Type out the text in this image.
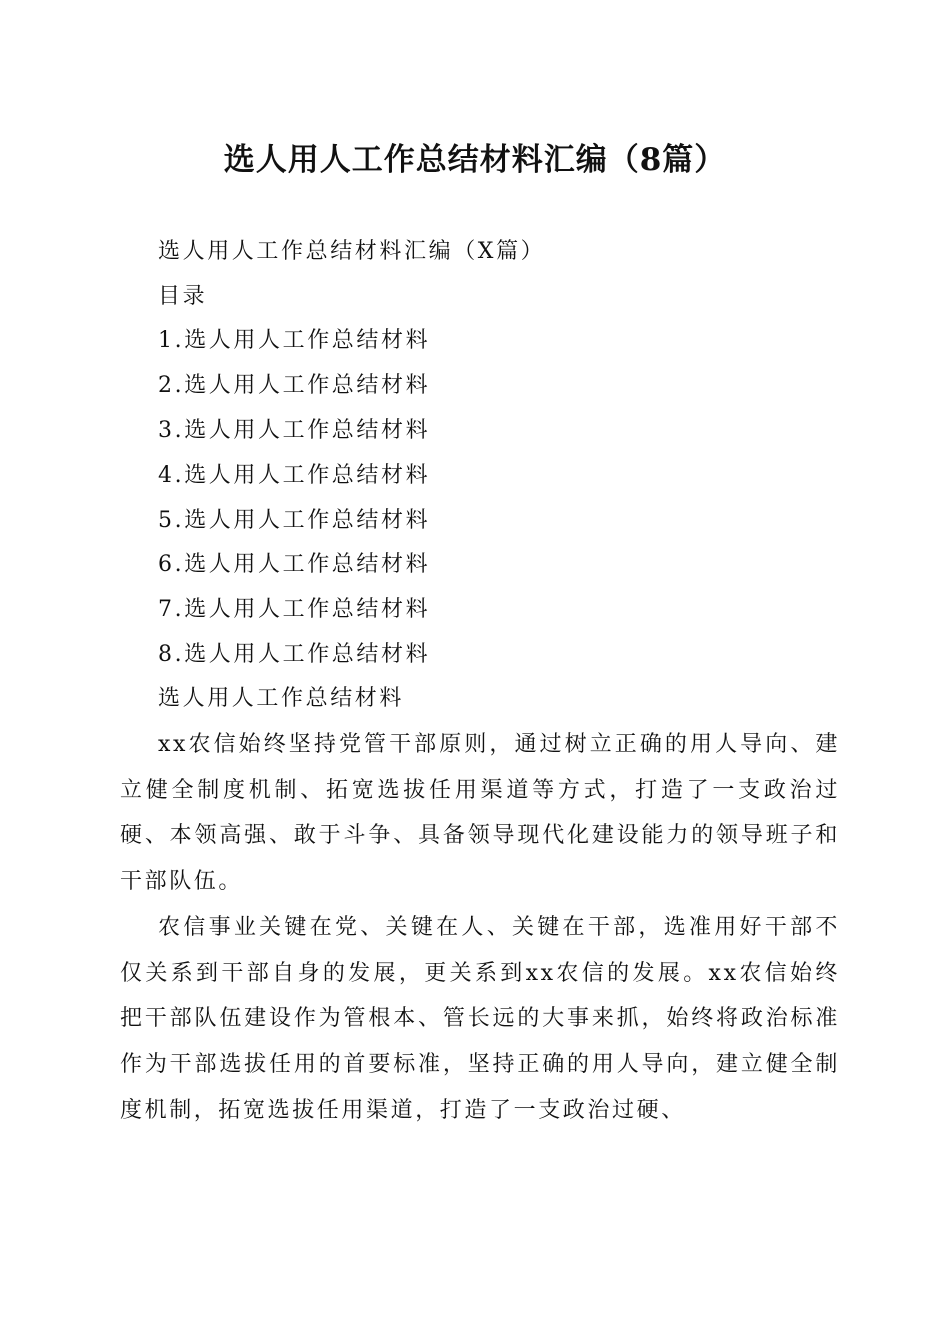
选人用人工作总结材料汇编（8篇）

选人用人工作总结材料汇编（X篇）

目录

1.选人用人工作总结材料

2.选人用人工作总结材料

3.选人用人工作总结材料

4.选人用人工作总结材料

5.选人用人工作总结材料

6.选人用人工作总结材料

7.选人用人工作总结材料

8.选人用人工作总结材料

选人用人工作总结材料

xx农信始终坚持党管干部原则，通过树立正确的用人导向、建立健全制度机制、拓宽选拔任用渠道等方式，打造了一支政治过硬、本领高强、敢于斗争、具备领导现代化建设能力的领导班子和干部队伍。

农信事业关键在党、关键在人、关键在干部，选准用好干部不仅关系到干部自身的发展，更关系到xx农信的发展。xx农信始终把干部队伍建设作为管根本、管长远的大事来抓，始终将政治标准作为干部选拔任用的首要标准，坚持正确的用人导向，建立健全制度机制，拓宽选拔任用渠道，打造了一支政治过硬、
